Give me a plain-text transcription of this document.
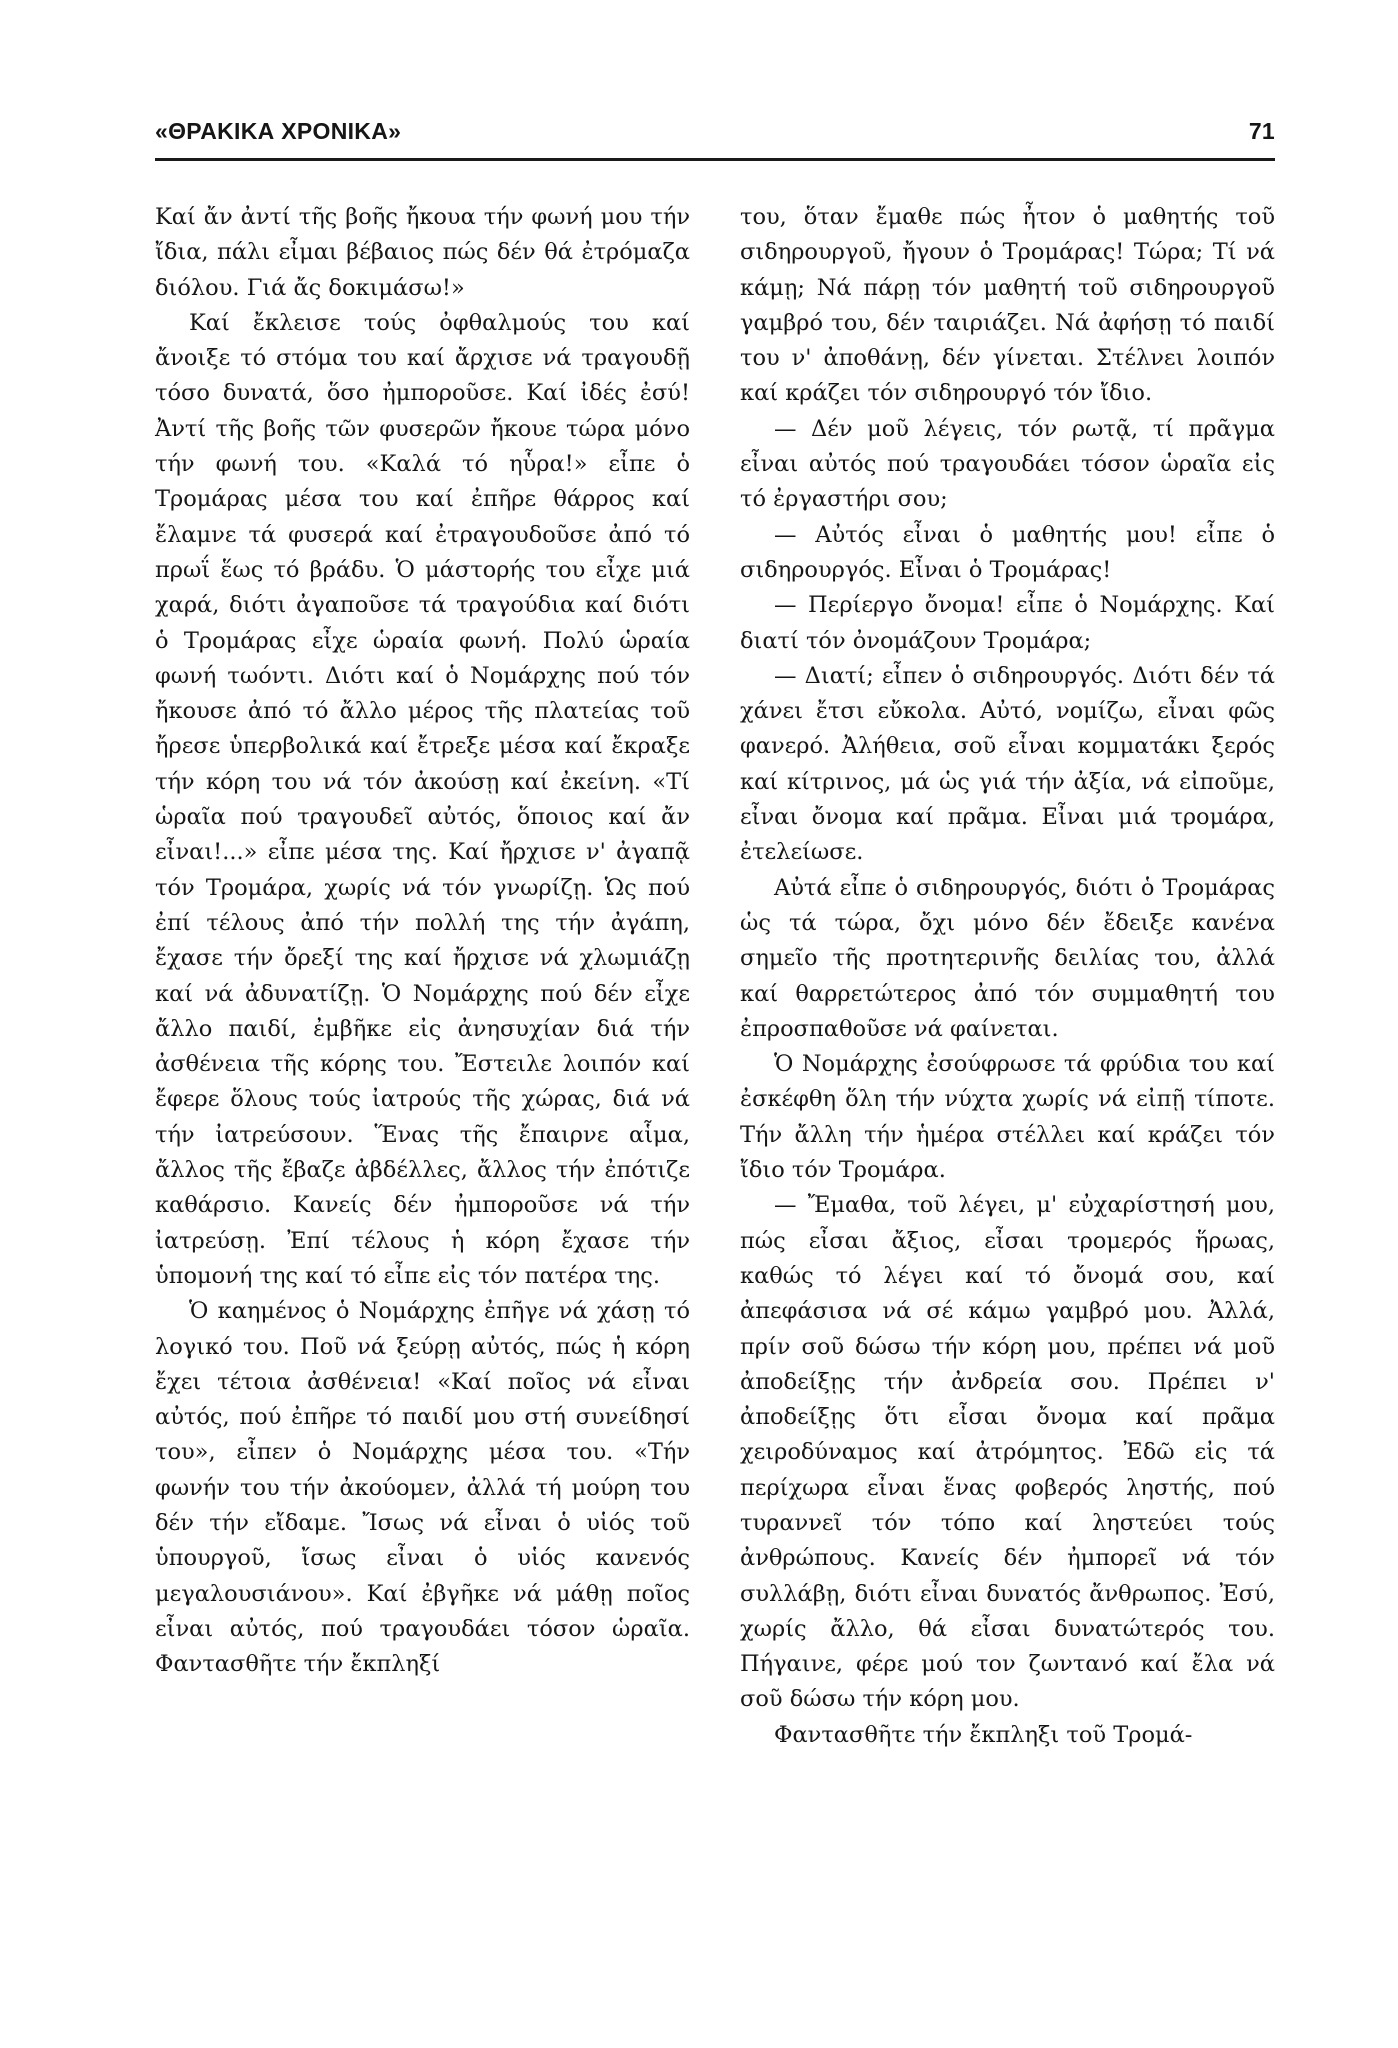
«ΘΡΑΚΙΚΑ ΧΡΟΝΙΚΑ»	71

Καί ἄν ἀντί τῆς βοῆς ἤκουα τήν φωνή μου τήν ἴδια, πάλι εἶμαι βέβαιος πώς δέν θά ἐτρόμαζα διόλου. Γιά ἄς δοκιμάσω!»

Καί ἔκλεισε τούς ὀφθαλμούς του καί ἄνοιξε τό στόμα του καί ἄρχισε νά τραγουδῇ τόσο δυνατά, ὅσο ἠμποροῦσε. Καί ἰδές ἐσύ! Ἀντί τῆς βοῆς τῶν φυσερῶν ἤκουε τώρα μόνο τήν φωνή του. «Καλά τό ηὗρα!» εἶπε ὁ Τρομάρας μέσα του καί ἐπῆρε θάρρος καί ἔλαμνε τά φυσερά καί ἐτραγουδοῦσε ἀπό τό πρωΐ ἕως τό βράδυ. Ὁ μάστορής του εἶχε μιά χαρά, διότι ἀγαποῦσε τά τραγούδια καί διότι ὁ Τρομάρας εἶχε ὡραία φωνή. Πολύ ὡραία φωνή τωόντι. Διότι καί ὁ Νομάρχης πού τόν ἤκουσε ἀπό τό ἄλλο μέρος τῆς πλατείας τοῦ ἤρεσε ὑπερβολικά καί ἔτρεξε μέσα καί ἔκραξε τήν κόρη του νά τόν ἀκούσῃ καί ἐκείνη. «Τί ὡραῖα πού τραγουδεῖ αὐτός, ὅποιος καί ἄν εἶναι!...» εἶπε μέσα της. Καί ἤρχισε ν' ἀγαπᾷ τόν Τρομάρα, χωρίς νά τόν γνωρίζῃ. Ὡς πού ἐπί τέλους ἀπό τήν πολλή της τήν ἀγάπη, ἔχασε τήν ὄρεξί της καί ἤρχισε νά χλωμιάζῃ καί νά ἀδυνατίζῃ. Ὁ Νομάρχης πού δέν εἶχε ἄλλο παιδί, ἐμβῆκε εἰς ἀνησυχίαν διά τήν ἀσθένεια τῆς κόρης του. Ἔστειλε λοιπόν καί ἔφερε ὅλους τούς ἰατρούς τῆς χώρας, διά νά τήν ἰατρεύσουν. Ἕνας τῆς ἔπαιρνε αἷμα, ἄλλος τῆς ἔβαζε ἀβδέλλες, ἄλλος τήν ἐπότιζε καθάρσιο. Κανείς δέν ἠμποροῦσε νά τήν ἰατρεύσῃ. Ἐπί τέλους ἡ κόρη ἔχασε τήν ὑπομονή της καί τό εἶπε εἰς τόν πατέρα της.

Ὁ καημένος ὁ Νομάρχης ἐπῆγε νά χάσῃ τό λογικό του. Ποῦ νά ξεύρῃ αὐτός, πώς ἡ κόρη ἔχει τέτοια ἀσθένεια! «Καί ποῖος νά εἶναι αὐτός, πού ἐπῆρε τό παιδί μου στή συνείδησί του», εἶπεν ὁ Νομάρχης μέσα του. «Τήν φωνήν του τήν ἀκούομεν, ἀλλά τή μούρη του δέν τήν εἴδαμε. Ἴσως νά εἶναι ὁ υἱός τοῦ ὑπουργοῦ, ἴσως εἶναι ὁ υἱός κανενός μεγαλουσιάνου». Καί ἐβγῆκε νά μάθῃ ποῖος εἶναι αὐτός, πού τραγουδάει τόσον ὡραῖα. Φαντασθῆτε τήν ἔκπληξί

του, ὅταν ἔμαθε πώς ἦτον ὁ μαθητής τοῦ σιδηρουργοῦ, ἤγουν ὁ Τρομάρας! Τώρα; Τί νά κάμῃ; Νά πάρῃ τόν μαθητή τοῦ σιδηρουργοῦ γαμβρό του, δέν ταιριάζει. Νά ἀφήσῃ τό παιδί του ν' ἀποθάνῃ, δέν γίνεται. Στέλνει λοιπόν καί κράζει τόν σιδηρουργό τόν ἴδιο.

— Δέν μοῦ λέγεις, τόν ρωτᾷ, τί πρᾶγμα εἶναι αὐτός πού τραγουδάει τόσον ὡραῖα εἰς τό ἐργαστήρι σου;

— Αὐτός εἶναι ὁ μαθητής μου! εἶπε ὁ σιδηρουργός. Εἶναι ὁ Τρομάρας!

— Περίεργο ὄνομα! εἶπε ὁ Νομάρχης. Καί διατί τόν ὀνομάζουν Τρομάρα;

— Διατί; εἶπεν ὁ σιδηρουργός. Διότι δέν τά χάνει ἔτσι εὔκολα. Αὐτό, νομίζω, εἶναι φῶς φανερό. Ἀλήθεια, σοῦ εἶναι κομματάκι ξερός καί κίτρινος, μά ὡς γιά τήν ἀξία, νά εἰποῦμε, εἶναι ὄνομα καί πρᾶμα. Εἶναι μιά τρομάρα, ἐτελείωσε.

Αὐτά εἶπε ὁ σιδηρουργός, διότι ὁ Τρομάρας ὡς τά τώρα, ὄχι μόνο δέν ἔδειξε κανένα σημεῖο τῆς προτητερινῆς δειλίας του, ἀλλά καί θαρρετώτερος ἀπό τόν συμμαθητή του ἐπροσπαθοῦσε νά φαίνεται.

Ὁ Νομάρχης ἐσούφρωσε τά φρύδια του καί ἐσκέφθη ὅλη τήν νύχτα χωρίς νά εἰπῇ τίποτε. Τήν ἄλλη τήν ἡμέρα στέλλει καί κράζει τόν ἴδιο τόν Τρομάρα.

— Ἔμαθα, τοῦ λέγει, μ' εὐχαρίστησή μου, πώς εἶσαι ἄξιος, εἶσαι τρομερός ἥρωας, καθώς τό λέγει καί τό ὄνομά σου, καί ἀπεφάσισα νά σέ κάμω γαμβρό μου. Ἀλλά, πρίν σοῦ δώσω τήν κόρη μου, πρέπει νά μοῦ ἀποδείξῃς τήν ἀνδρεία σου. Πρέπει ν' ἀποδείξῃς ὅτι εἶσαι ὄνομα καί πρᾶμα χειροδύναμος καί ἀτρόμητος. Ἐδῶ εἰς τά περίχωρα εἶναι ἕνας φοβερός ληστής, πού τυραννεῖ τόν τόπο καί ληστεύει τούς ἀνθρώπους. Κανείς δέν ἠμπορεῖ νά τόν συλλάβῃ, διότι εἶναι δυνατός ἄνθρωπος. Ἐσύ, χωρίς ἄλλο, θά εἶσαι δυνατώτερός του. Πήγαινε, φέρε μού τον ζωντανό καί ἔλα νά σοῦ δώσω τήν κόρη μου.

Φαντασθῆτε τήν ἔκπληξι τοῦ Τρομά-
